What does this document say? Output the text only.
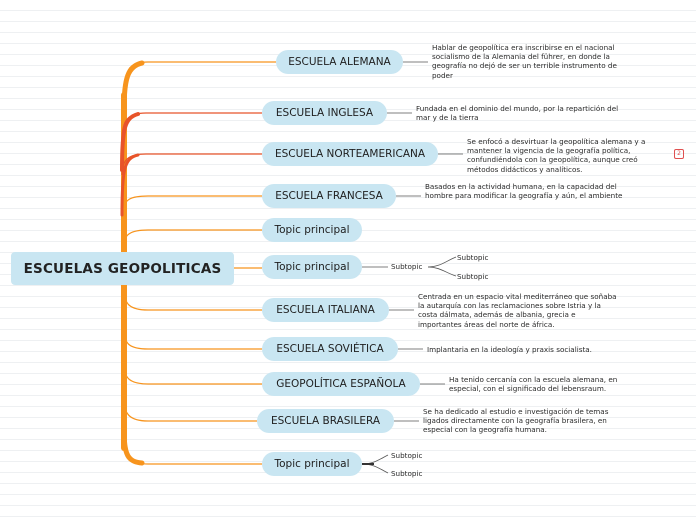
ESCUELAS GEOPOLITICAS
ESCUELA ALEMANA
Hablar de geopolítica era inscribirse en el nacional socialismo de la Alemania del führer, en donde la geografía no dejó de ser un terrible instrumento de poder
ESCUELA INGLESA	Fundada en el dominio del mundo, por la repartición del mar y de la tierra
ESCUELA NORTEAMERICANA
Se enfocó a desvirtuar la geopolítica alemana y a mantener la vigencia de la geografía política, confundiéndola con la geopolítica, aunque creó métodos didácticos y analíticos.
2
ESCUELA FRANCESA
Basados en la actividad humana, en la capacidad del hombre para modificar la geografía y aún, el ambiente
Topic principal
Topic principal	Subtopic
Subtopic
Subtopic
ESCUELA ITALIANA
Centrada en un espacio vital mediterráneo que soñaba la autarquía con las reclamaciones sobre Istria y la costa dálmata, además de albania, grecia e importantes áreas del norte de áfrica.
ESCUELA SOVIÉTICA	Implantaria en la ideología y praxis socialista.
GEOPOLÍTICA ESPAÑOLA	Ha tenido cercanía con la escuela alemana, en especial, con el significado del lebensraum.
ESCUELA BRASILERA
Se ha dedicado al estudio e investigación de temas ligados directamente con la geografía brasilera, en especial con la geografía humana.
Topic principal
Subtopic
Subtopic
